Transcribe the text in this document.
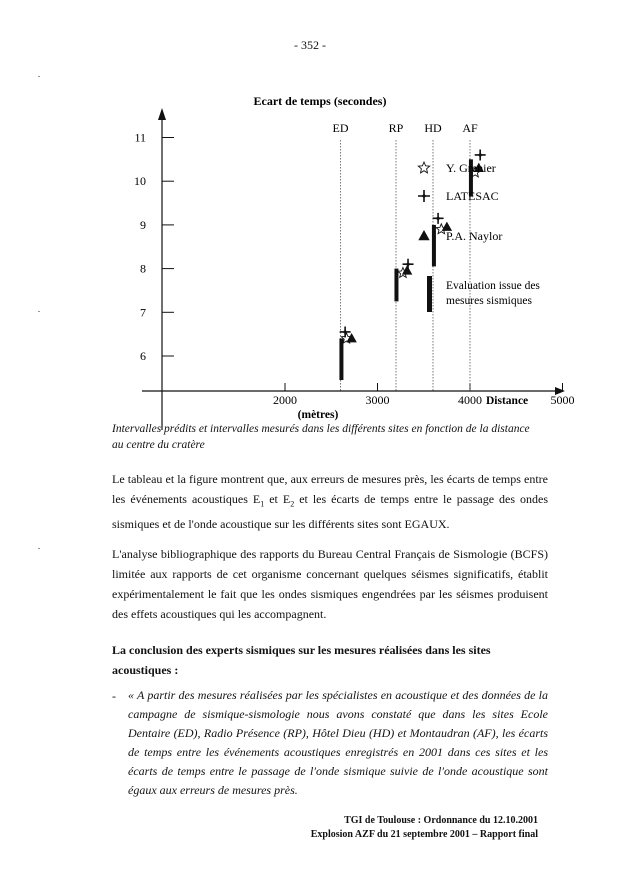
- 352 -
Ecart de temps (secondes)
6
7
8
9
10
11
2000	3000	4000	5000
ED	RP HD AF
Y. Grenier
LATESAC
P.A. Naylor
Evaluation issue des
mesures sismiques
Distance
(mètres)
Intervalles prédits et intervalles mesurés dans les différents sites en fonction de la distance au centre du cratère
Le tableau et la figure montrent que, aux erreurs de mesures près, les écarts de temps entre les événements acoustiques $E_1$ et $E_2$ et les écarts de temps entre le passage des ondes sismiques et de l'onde acoustique sur les différents sites sont EGAUX.
L'analyse bibliographique des rapports du Bureau Central Français de Sismologie (BCFS) limitée aux rapports de cet organisme concernant quelques séismes significatifs, établit expérimentalement le fait que les ondes sismiques engendrées par les séismes produisent des effets acoustiques qui les accompagnent.
La conclusion des experts sismiques sur les mesures réalisées dans les sites acoustiques :
- « A partir des mesures réalisées par les spécialistes en acoustique et des données de la campagne de sismique-sismologie nous avons constaté que dans les sites Ecole Dentaire (ED), Radio Présence (RP), Hôtel Dieu (HD) et Montaudran (AF), les écarts de temps entre les événements acoustiques enregistrés en 2001 dans ces sites et les écarts de temps entre le passage de l'onde sismique suivie de l'onde acoustique sont égaux aux erreurs de mesures près.
TGI de Toulouse : Ordonnance du 12.10.2001
Explosion AZF du 21 septembre 2001 – Rapport final
